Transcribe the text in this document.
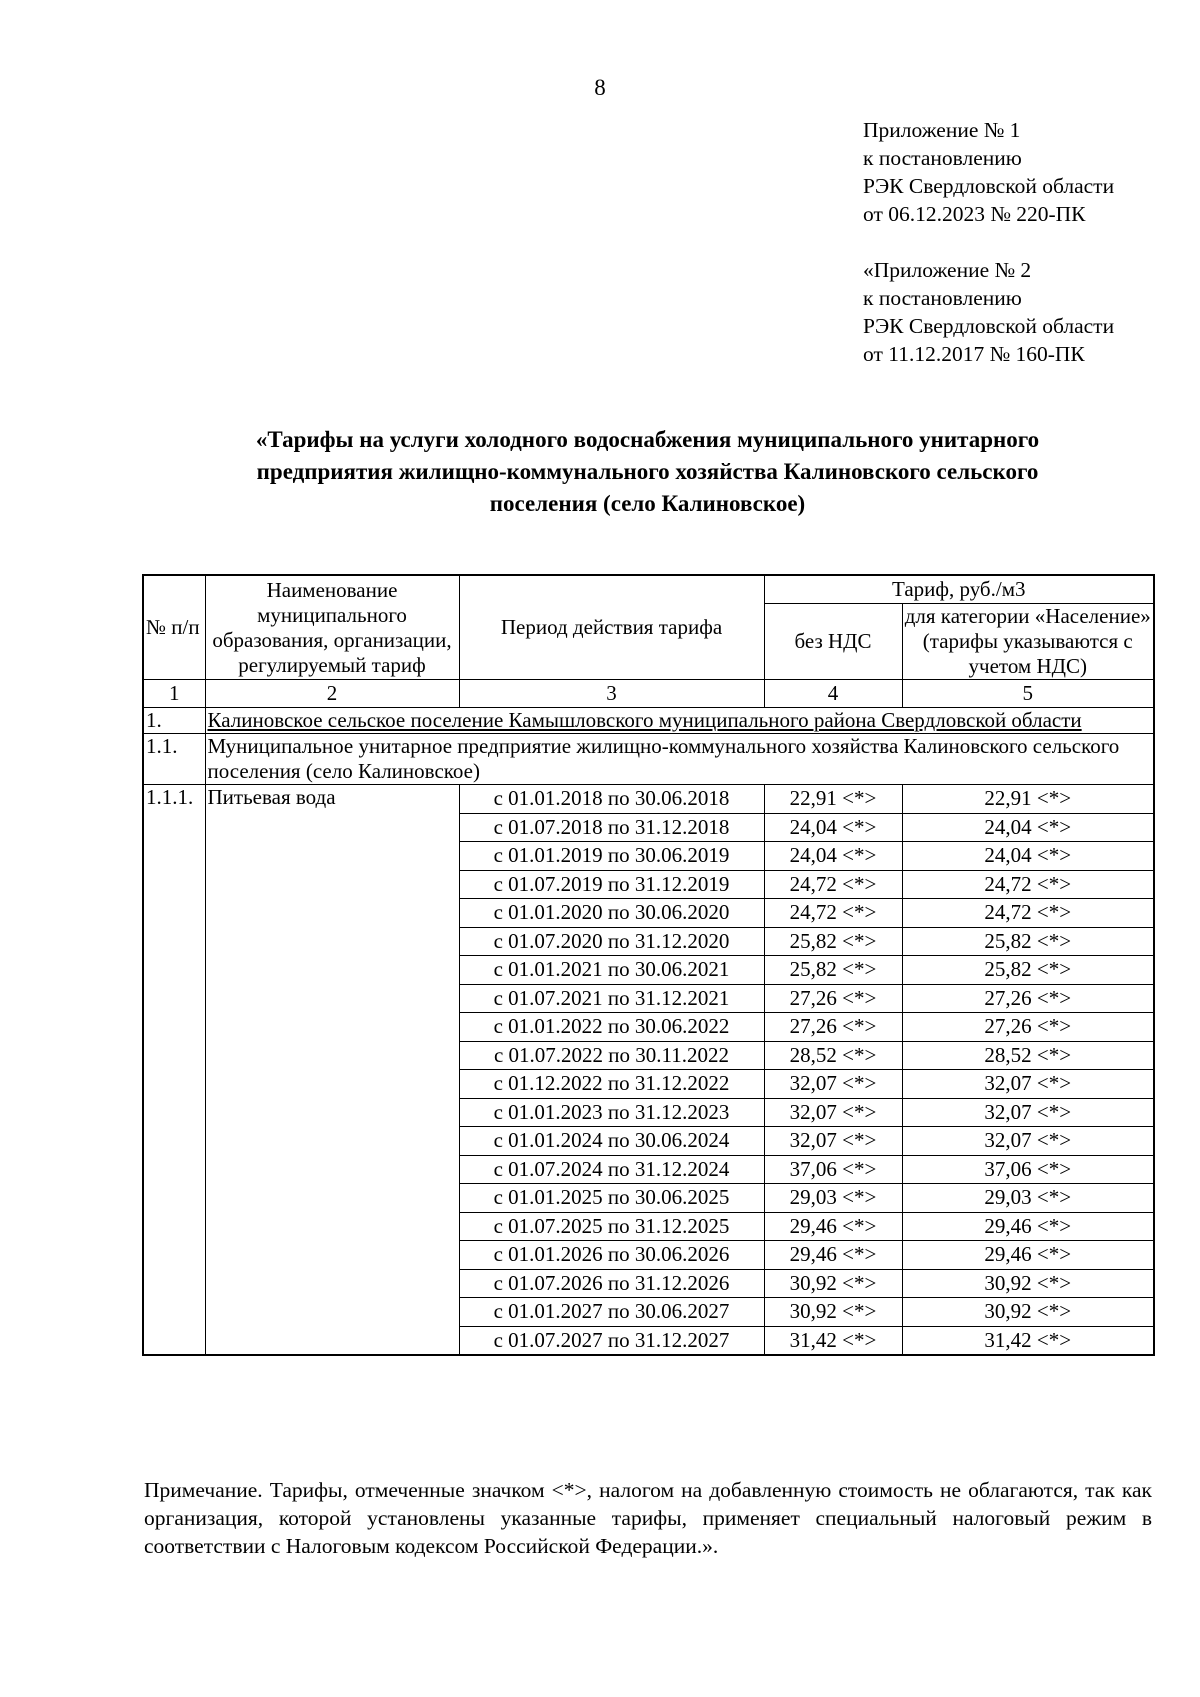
8
Приложение № 1
к постановлению
РЭК Свердловской области
от 06.12.2023 № 220-ПК
«Приложение № 2
к постановлению
РЭК Свердловской области
от 11.12.2017 № 160-ПК
«Тарифы на услуги холодного водоснабжения муниципального унитарного
предприятия жилищно-коммунального хозяйства Калиновского сельского
поселения (село Калиновское)
№ п/п	Наименование муниципального образования, организации, регулируемый тариф	Период действия тарифа	Тариф, руб./м3	
			без НДС	для категории «Население» (тарифы указываются с учетом НДС)
1	2	3	4	5
1.	Калиновское сельское поселение Камышловского муниципального района Свердловской области			
1.1.	Муниципальное унитарное предприятие жилищно-коммунального хозяйства Калиновского сельского поселения (село Калиновское)			
1.1.1.	Питьевая вода	с 01.01.2018 по 30.06.2018	22,91 <*>	22,91 <*>
		с 01.07.2018 по 31.12.2018	24,04 <*>	24,04 <*>
		с 01.01.2019 по 30.06.2019	24,04 <*>	24,04 <*>
		с 01.07.2019 по 31.12.2019	24,72 <*>	24,72 <*>
		с 01.01.2020 по 30.06.2020	24,72 <*>	24,72 <*>
		с 01.07.2020 по 31.12.2020	25,82 <*>	25,82 <*>
		с 01.01.2021 по 30.06.2021	25,82 <*>	25,82 <*>
		с 01.07.2021 по 31.12.2021	27,26 <*>	27,26 <*>
		с 01.01.2022 по 30.06.2022	27,26 <*>	27,26 <*>
		с 01.07.2022 по 30.11.2022	28,52 <*>	28,52 <*>
		с 01.12.2022 по 31.12.2022	32,07 <*>	32,07 <*>
		с 01.01.2023 по 31.12.2023	32,07 <*>	32,07 <*>
		с 01.01.2024 по 30.06.2024	32,07 <*>	32,07 <*>
		с 01.07.2024 по 31.12.2024	37,06 <*>	37,06 <*>
		с 01.01.2025 по 30.06.2025	29,03 <*>	29,03 <*>
		с 01.07.2025 по 31.12.2025	29,46 <*>	29,46 <*>
		с 01.01.2026 по 30.06.2026	29,46 <*>	29,46 <*>
		с 01.07.2026 по 31.12.2026	30,92 <*>	30,92 <*>
		с 01.01.2027 по 30.06.2027	30,92 <*>	30,92 <*>
		с 01.07.2027 по 31.12.2027	31,42 <*>	31,42 <*>
Примечание. Тарифы, отмеченные значком <*>, налогом на добавленную стоимость не облагаются, так как организация, которой установлены указанные тарифы, применяет специальный налоговый режим в соответствии с Налоговым кодексом Российской Федерации.».
